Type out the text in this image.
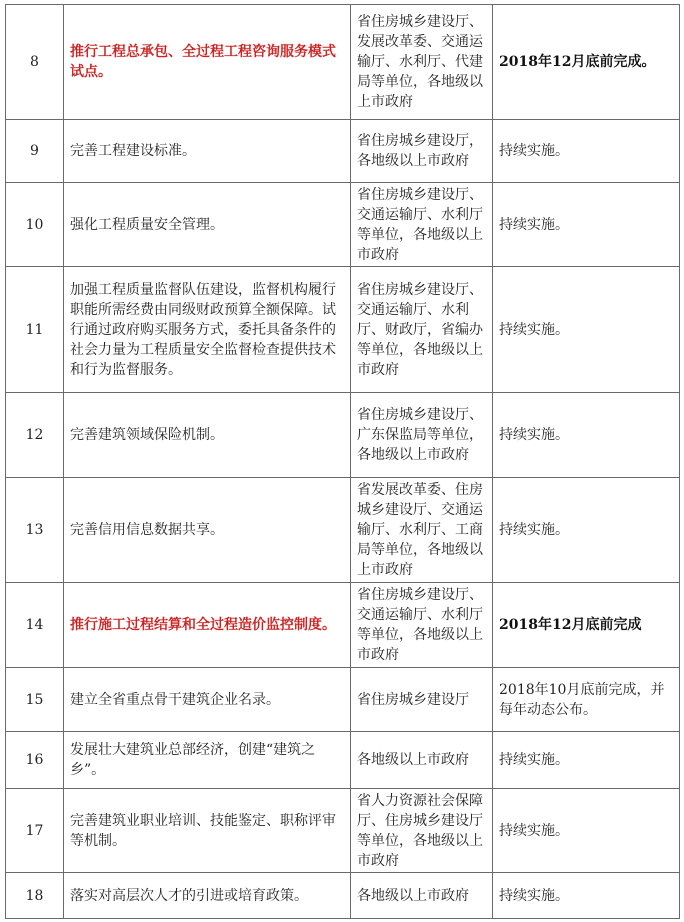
8	推行工程总承包、全过程工程咨询服务模式试点。	省住房城乡建设厅、发展改革委、交通运输厅、水利厅、代建局等单位，各地级以上市政府	2018年12月底前完成。
9	完善工程建设标准。	省住房城乡建设厅，各地级以上市政府	持续实施。
10	强化工程质量安全管理。	省住房城乡建设厅、交通运输厅、水利厅等单位，各地级以上市政府	持续实施。
11	加强工程质量监督队伍建设，监督机构履行职能所需经费由同级财政预算全额保障。试行通过政府购买服务方式，委托具备条件的社会力量为工程质量安全监督检查提供技术和行为监督服务。	省住房城乡建设厅、交通运输厅、水利厅、财政厅，省编办等单位，各地级以上市政府	持续实施。
12	完善建筑领域保险机制。	省住房城乡建设厅、广东保监局等单位，各地级以上市政府	持续实施。
13	完善信用信息数据共享。	省发展改革委、住房城乡建设厅、交通运输厅、水利厅、工商局等单位，各地级以上市政府	持续实施。
14	推行施工过程结算和全过程造价监控制度。	省住房城乡建设厅、交通运输厅、水利厅等单位，各地级以上市政府	2018年12月底前完成
15	建立全省重点骨干建筑企业名录。	省住房城乡建设厅	2018年10月底前完成，并每年动态公布。
16	发展壮大建筑业总部经济，创建“建筑之乡”。	各地级以上市政府	持续实施。
17	完善建筑业职业培训、技能鉴定、职称评审等机制。	省人力资源社会保障厅、住房城乡建设厅等单位，各地级以上市政府	持续实施。
18	落实对高层次人才的引进或培育政策。	各地级以上市政府	持续实施。
